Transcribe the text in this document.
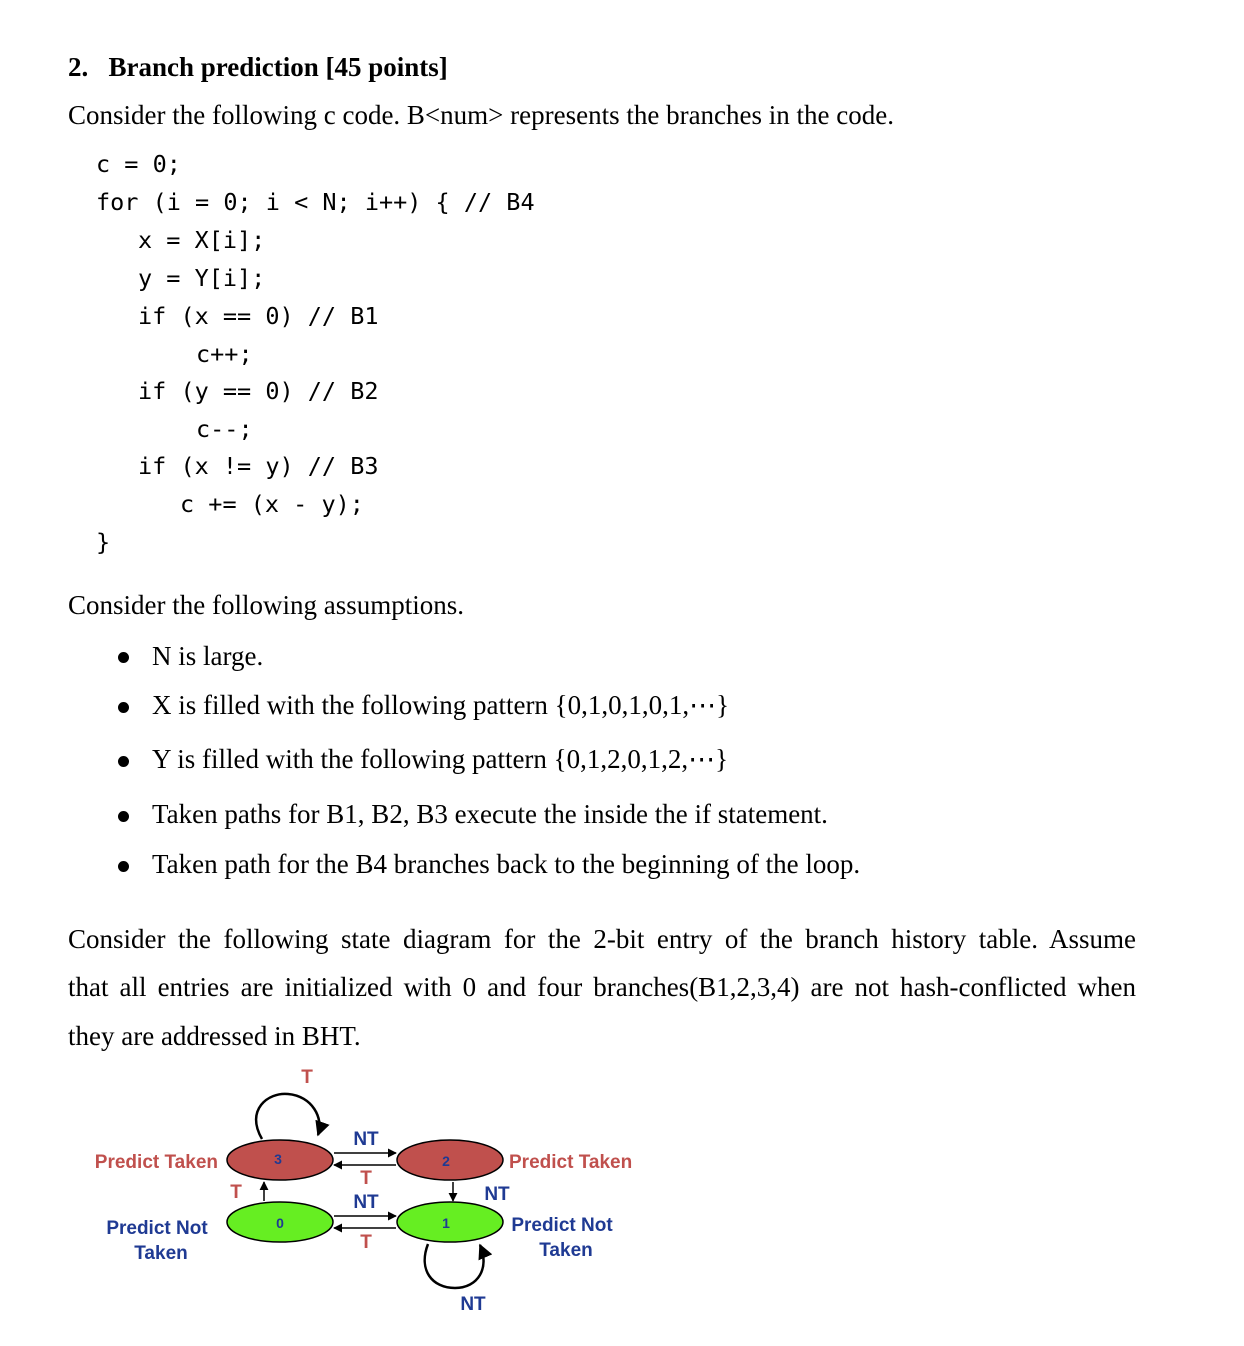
2.   Branch prediction [45 points]
Consider the following c code. B<num> represents the branches in the code.
c = 0;
for (i = 0; i < N; i++) { // B4
x = X[i];
y = Y[i];
if (x == 0) // B1
c++;
if (y == 0) // B2
c--;
if (x != y) // B3
c += (x - y);
}
Consider the following assumptions.
N is large.
X is filled with the following pattern {0,1,0,1,0,1,⋯}
Y is filled with the following pattern {0,1,2,0,1,2,⋯}
Taken paths for B1, B2, B3 execute the inside the if statement.
Taken path for the B4 branches back to the beginning of the loop.
Consider the following state diagram for the 2-bit entry of the branch history table. Assume
that all entries are initialized with 0 and four branches(B1,2,3,4) are not hash-conflicted when
they are addressed in BHT.
3	2
0	1
T
NT
T
NT
T
T	NT
NT
Predict Taken	Predict Taken
Predict Not
Taken
Predict Not
Taken
